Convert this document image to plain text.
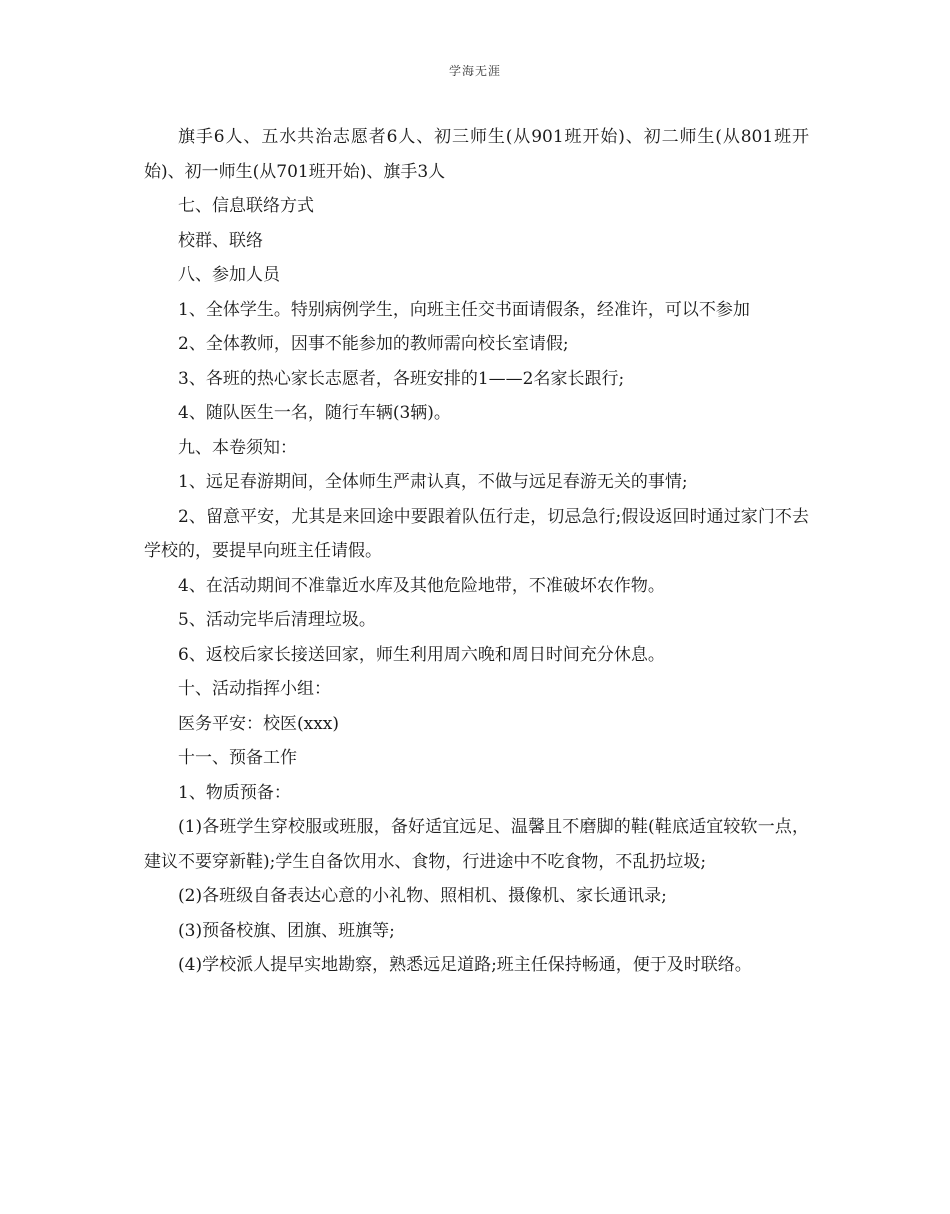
学海无涯

旗手6人、五水共治志愿者6人、初三师生(从901班开始)、初二师生(从801班开始)、初一师生(从701班开始)、旗手3人

七、信息联络方式

校群、联络

八、参加人员

1、全体学生。特别病例学生，向班主任交书面请假条，经准许，可以不参加

2、全体教师，因事不能参加的教师需向校长室请假;

3、各班的热心家长志愿者，各班安排的1——2名家长跟行;

4、随队医生一名，随行车辆(3辆)。

九、本卷须知：

1、远足春游期间，全体师生严肃认真，不做与远足春游无关的事情;

2、留意平安，尤其是来回途中要跟着队伍行走，切忌急行;假设返回时通过家门不去学校的，要提早向班主任请假。

4、在活动期间不准靠近水库及其他危险地带，不准破坏农作物。

5、活动完毕后清理垃圾。

6、返校后家长接送回家，师生利用周六晚和周日时间充分休息。

十、活动指挥小组：

医务平安：校医(xxx)

十一、预备工作

1、物质预备：

(1)各班学生穿校服或班服，备好适宜远足、温馨且不磨脚的鞋(鞋底适宜较软一点，建议不要穿新鞋);学生自备饮用水、食物，行进途中不吃食物，不乱扔垃圾;

(2)各班级自备表达心意的小礼物、照相机、摄像机、家长通讯录;

(3)预备校旗、团旗、班旗等;

(4)学校派人提早实地勘察，熟悉远足道路;班主任保持畅通，便于及时联络。
